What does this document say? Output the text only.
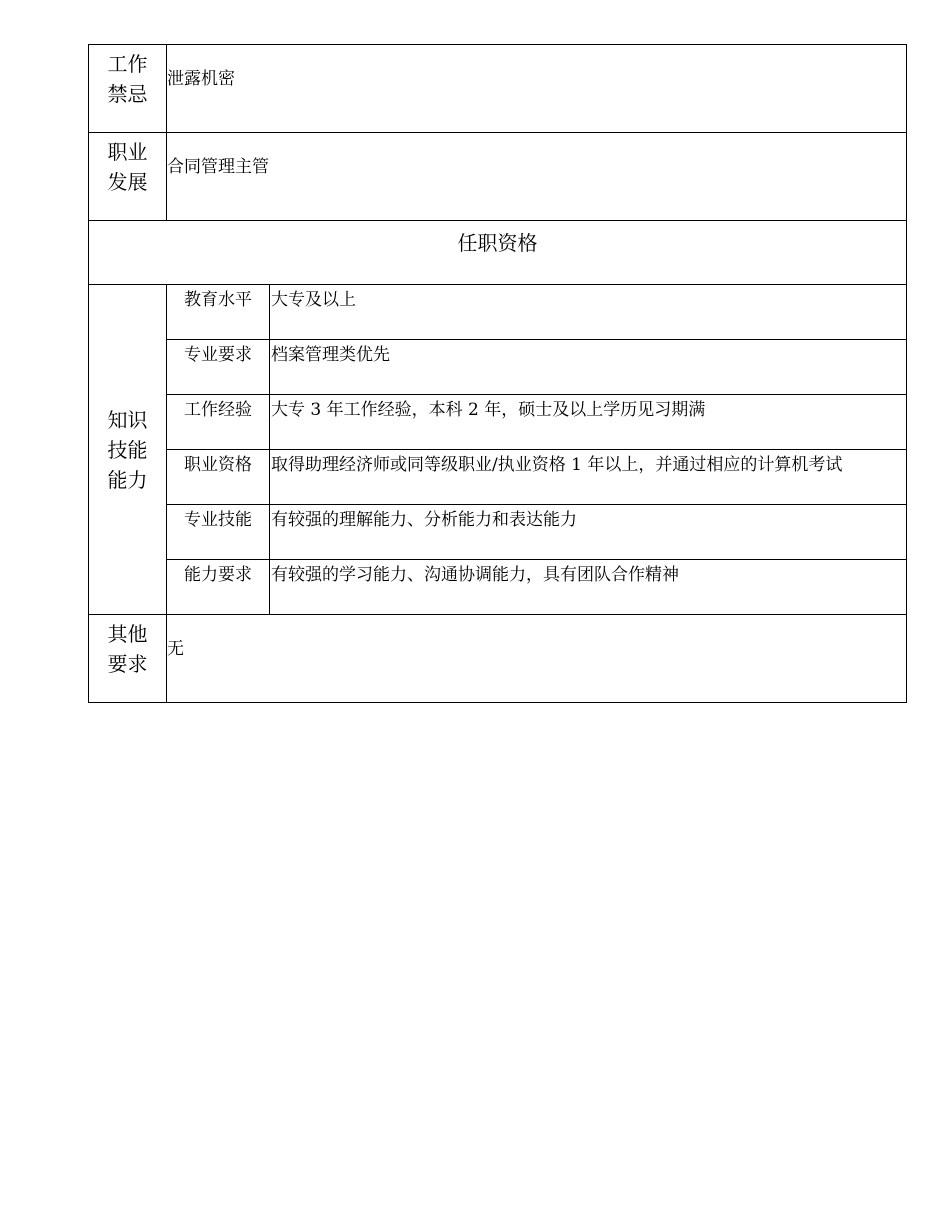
工作
禁忌
	泄露机密

职业
发展
	合同管理主管
任职资格

知识
技能
能力

教育水平	大专及以上
专业要求	档案管理类优先
工作经验	大专 3 年工作经验，本科 2 年，硕士及以上学历见习期满
职业资格	取得助理经济师或同等级职业/执业资格 1 年以上，并通过相应的计算机考试
专业技能	有较强的理解能力、分析能力和表达能力
能力要求	有较强的学习能力、沟通协调能力，具有团队合作精神

其他
要求
	无
